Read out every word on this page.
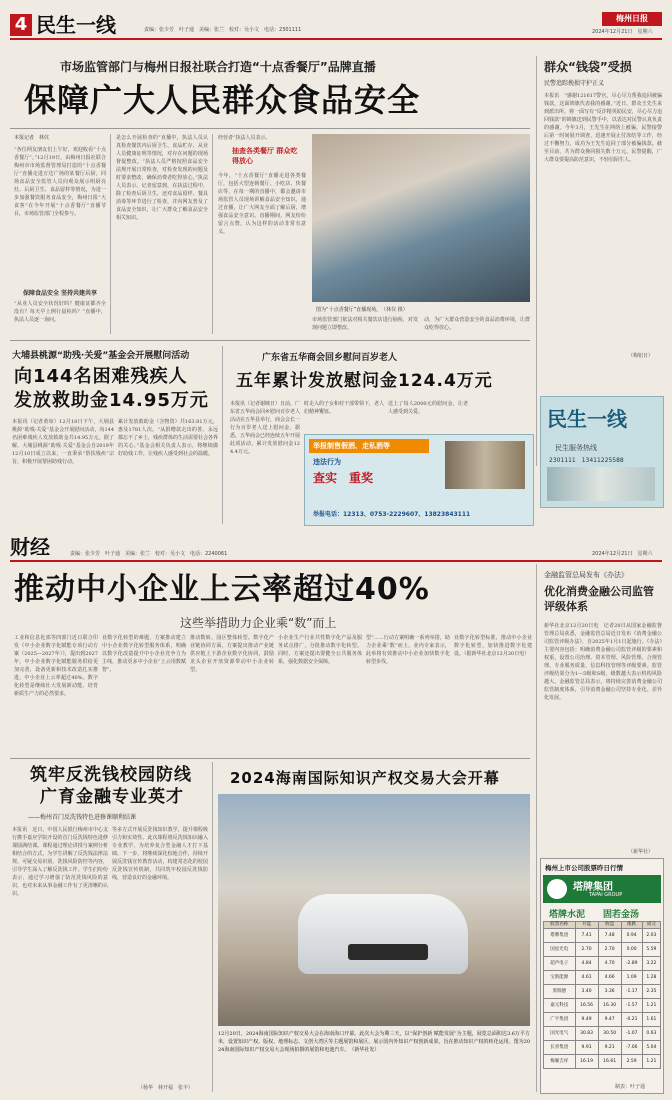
4 民生一线	责编：张少芳　叶子通　美编：张兰　校对：吴小文　电话：2301111
梅州日报
2024年12月21日　星期六
市场监管部门与梅州日报社联合打造“十点香餐厅”品牌直播
保障广大人民群众食品安全
本报记者　林仪
“各位网友朋友们上午好，欢迎收看“十点香餐厅”。”12月19日，由梅州日报社联合梅州市市场监督管理局打造的“十点香餐厅”直播走进万达广场的某餐厅后厨，同场食品安全监管人员向观众展示明厨亮灶、后厨卫生、食品留样等情况。为进一步加强餐饮服务食品安全，梅州日报“大食客”在今年开展“十点香餐厅”直播节目，市场监管部门全程参与。
保障食品安全 坚持共建共享
“从业人员安全状况好吗？健康证都齐全没有？每天早上例行晨检吗？”直播中，执法人员逐一询问。
是怎么开展检查的”直播中，执法人员认真检查餐饮内后厨卫生、食品贮存、从业人员健康证明等情况，对存在问题的现场督促整改。“执法人员严格按照食品安全法规开展日常检查，对检查发现的问题及时要求整改，确保消费者吃得放心。”执法人员表示。记者留意到，在执法过程中，除了检查后厨卫生，还对食品留样、餐具消毒等环节进行了检查，并向网友普及了食品安全知识，让广大群众了解食品安全相关知识。
经营者“执法人员表示。
抽查各类餐厅 群众吃得放心
今年，“十点香餐厅”直播走进各类餐厅，包括大型连锁餐厅、小吃店、快餐店等，在每一期的直播中，都会邀请市场监管人员现场讲解食品安全知识，通过直播，让广大网友全面了解后厨，增强食品安全意识。直播期间，网友纷纷留言点赞，认为这样的活动非常有意义。
图为“十点香餐厅”直播现场。　（林仪 摄）
市场监管部门依法对相关餐饮店进行抽检，对发现问题立即整改。
动，为广大群众营造安全的食品消费环境，让群众吃得放心。
群众“钱袋”受损
民警追踪挽损守护正义
本报讯　“感谢121617警官，尽心尽力帮我追回被骗钱款，这面锦旗代表我的感谢。”近日，群众王先生来到派出所，将一面写有“反诈精英助民安，尽心尽力追回钱款”的锦旗送到民警手中，以表达对民警认真负责的感谢。今年3月，王先生在网络上被骗，民警接警后第一时间展开调查，迅速开展止付冻结等工作，经过不懈努力，成功为王先生追回了部分被骗钱款。截至目前，共为群众挽回损失数十万元。民警提醒，广大群众要提高防范意识，不轻信陌生人。
（梅铝日）
大埔县桃源“助残·关爱”基金会开展慰问活动
向144名困难残疾人
发放救助金14.95万元
本报讯（记者黄琼）12月18日下午，大埔县桃源“助残·关爱”基金会开展慰问活动，向144名困难残疾人发放救助金共14.95万元。据了解，大埔县桃源“助残·关爱”基金会自2019年12月10日成立以来，一直秉承“帮扶残疾”宗旨，积极开展帮困助残行动。
累计发放救助金（含物资）共163.81万元，惠及1781人次。“从捐赠款走出的善，永远都忘不了乡土，残疾群体的生活需要社会各界的关心。”基金会相关负责人表示，将继续做好助残工作，让残疾人感受到社会的温暖。
广东省五华商会回乡慰问百岁老人
五年累计发放慰问金124.4万元
本报讯（记者谢映日）日前，广东省五华商会回乡慰问百岁老人活动在五华县举行，商会会长一行为百岁老人送上慰问金。据悉，五华商会已经连续五年开展此项活动，累计发放慰问金124.4万元。
时走入的子女和村干部带领下，老人们精神矍铄。
送上了每人2000元的慰问金，让老人感受到关爱。
举报制售假酒、走私酒等
违法行为
查实　重奖
举报电话：12313、0753-2229607、13823843111
民生一线
民生服务热线
2301111　13411225588
财经	责编：张少芳　叶子通　美编：张兰　校对：吴小文　电话：2240061	2024年12月21日　星期六
推动中小企业上云率超过40%
这些举措助力企业乘“数”而上
工业和信息化部等四部门近日联合印发《中小企业数字化赋能专项行动方案（2025—2027年）》，提出到2027年，中小企业数字化赋能服务供给更加完善，设备更新和技术改造扎实推进，中小企业上云率超过40%。数字化转型是继续壮大发展新动能、培育新质生产力的必然要求。
业数字化转型的难题，方案推动建立中小企业数字化转型服务体系，明确以数字化改造提升中小企业竞争力为主线，推动更多中小企业“上云用数赋智”。
推动数转、园区整体转型。数字化产业链协同方面，方案提出推动产业链供应链上下游企业数字化协同，鼓励龙头企业开放资源带动中小企业转型。
小企业生产行业共性数字化产品及服务试点推广，分批推动数字化转型。同时，方案还提出要健全公共服务体系，强化数据安全保障。
型”……行动方案明确一系列举措，助力企业乘“数”而上。业内专家表示，此举将有效推动中小企业加快数字化转型步伐。
业数字化转型标准，推动中小企业数字化转型，加快推进数字化建设。（据新华社北京12月20日电）
金融监管总局发布《办法》
优化消费金融公司监管评级体系
新华社北京12月20日电　记者20日从国家金融监督管理总局获悉，金融监管总局近日发布《消费金融公司监管评级办法》，自2025年1月1日起施行。《办法》主要内容包括：明确消费金融公司监管评级的要素和权重，设置公司治理、资本管理、风险管理、合规管理、专业服务质量、信息科技管理等评级要素。监管评级结果分为1—5级和S级，级数越大表示机构风险越大。金融监管总局表示，将持续完善消费金融公司监管制度体系，引导消费金融公司坚持专业化、差异化发展。
（新华社）
筑牢反洗钱校园防线
广育金融专业英才
——梅州首门反洗钱特色进修课顺利结课
本报讯　近日，中国人民银行梅州市中心支行携手嘉应学院开设的首门反洗钱特色进修课圆满结课。课程通过理论讲授与案例分析相结合的方式，为学生讲解了反洗钱法律法规、可疑交易识别、洗钱风险防控等内容，引导学生深入了解反洗钱工作。学生们纷纷表示，通过学习增强了防范洗钱风险的意识，也对未来从事金融工作有了更清晰的认识。
等多方式开展反洗钱知识教学，提升课程吸引力和实效性。此次课程将反洗钱知识融入专业教学，为培养复合型金融人才打下基础。下一步，将继续深化校地合作，持续开展反洗钱宣传教育活动，构建常态化的校园反洗钱宣传机制，共同筑牢校园反洗钱防线，营造良好的金融环境。
（杨华　林开福　张丰）
2024海南国际知识产权交易大会开幕
12月20日，2024海南国际知识产权交易大会在海南海口开幕。此次大会为期三天，以“保护创新 赋能发展”为主题，展览总面积达3.6万平方米，设置知识产权、版权、地理标志、文创大湾区等主题展馆和展区，展示国内外知识产权创新成果，旨在推动知识产权的转化运用。图为2024海南国际知识产权交易大会现场拍摄的展馆和电池汽车。　（新华社发）
梅州上市公司股票昨日行情
塔牌集团
TAPAI GROUP
塔牌水泥 固若金汤
股票名称	开盘	收盘	涨跌	成交
塔牌集团	7.41	7.48	0.94	2.03
国星光电	2.70	2.70	0.00	5.59
超声电子	4.84	4.70	-2.89	3.22
宝新能源	4.61	4.66	1.09	1.28
奥瑞德	3.40	3.36	-1.17	2.35
嘉元科技	16.56	16.30	-1.57	1.21
广宇集团	9.49	9.47	-0.21	1.61
国光电气	30.83	30.50	-1.07	0.63
长青集团	9.91	9.21	-7.06	5.04
梅雁吉祥	16.19	16.61	2.59	1.21
制表：叶子通
